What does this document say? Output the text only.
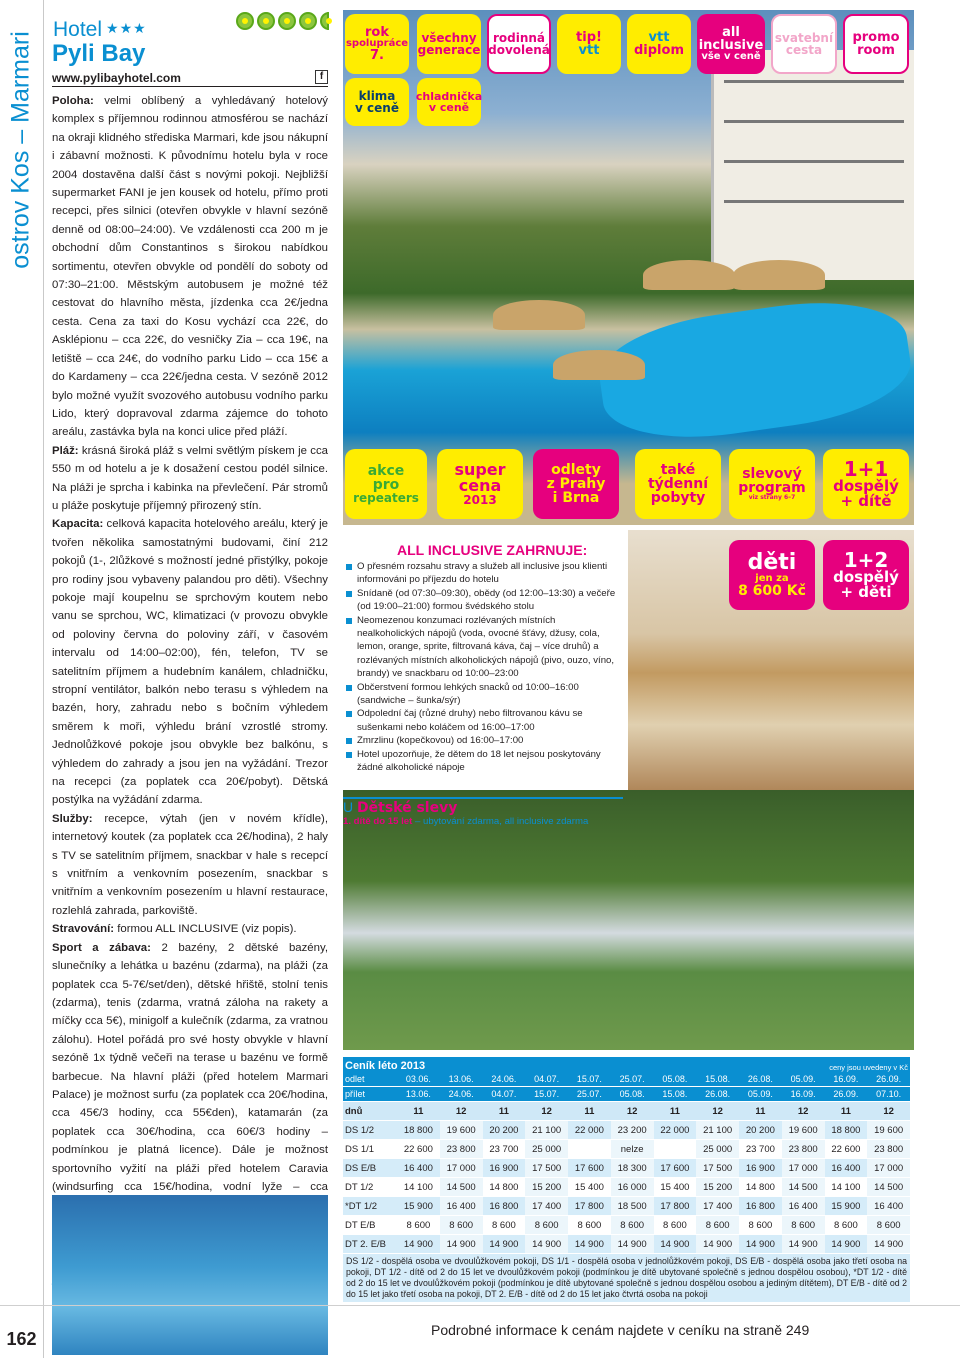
ostrov Kos – Marmari
162
Hotel ★★★
Pyli Bay
www.pylibayhotel.com	f

Poloha: velmi oblíbený a vyhledávaný hotelový komplex s příjemnou rodinnou atmosférou se nachází na okraji klidného střediska Marmari, kde jsou nákupní i zábavní možnosti. K původnímu hotelu byla v roce 2004 dostavěna další část s novými pokoji. Nejbližší supermarket FANI je jen kousek od hotelu, přímo proti recepci, přes silnici (otevřen obvykle v hlavní sezóně denně od 08:00–24:00). Ve vzdálenosti cca 200 m je obchodní dům Constantinos s širokou nabídkou sortimentu, otevřen obvykle od pondělí do soboty od 07:30–21:00. Městským autobusem je možné též cestovat do hlavního města, jízdenka cca 2€/jedna cesta. Cena za taxi do Kosu vychází cca 22€, do Asklépionu – cca 22€, do vesničky Zia – cca 19€, na letiště – cca 24€, do vodního parku Lido – cca 15€ a do Kardameny – cca 22€/jedna cesta. V sezóně 2012 bylo možné využít svozového autobusu vodního parku Lido, který dopravoval zdarma zájemce do tohoto areálu, zastávka byla na konci ulice před pláží.

Pláž: krásná široká pláž s velmi světlým pískem je cca 550 m od hotelu a je k dosažení cestou podél silnice. Na pláži je sprcha i kabinka na převlečení. Pár stromů u pláže poskytuje příjemný přirozený stín.

Kapacita: celková kapacita hotelového areálu, který je tvořen několika samostatnými budovami, činí 212 pokojů (1-, 2lůžkové s možností jedné přistýlky, pokoje pro rodiny jsou vybaveny palandou pro děti). Všechny pokoje mají koupelnu se sprchovým koutem nebo vanu se sprchou, WC, klimatizaci (v provozu obvykle od poloviny června do poloviny září, v časovém intervalu od 14:00–02:00), fén, telefon, TV se satelitním příjmem a hudebním kanálem, chladničku, stropní ventilátor, balkón nebo terasu s výhledem na bazén, hory, zahradu nebo s bočním výhledem směrem k moři, výhledu brání vzrostlé stromy. Jednolůžkové pokoje jsou obvykle bez balkónu, s výhledem do zahrady a jsou jen na vyžádání. Trezor na recepci (za poplatek cca 20€/pobyt). Dětská postýlka na vyžádání zdarma.

Služby: recepce, výtah (jen v novém křídle), internetový koutek (za poplatek cca 2€/hodina), 2 haly s TV se satelitním příjmem, snackbar v hale s recepcí s vnitřním a venkovním posezením, snackbar s vnitřním a venkovním posezením u hlavní restaurace, rozlehlá zahrada, parkoviště.

Stravování: formou ALL INCLUSIVE (viz popis).

Sport a zábava: 2 bazény, 2 dětské bazény, slunečníky a lehátka u bazénu (zdarma), na pláži (za poplatek cca 5-7€/set/den), dětské hřiště, stolní tenis (zdarma), tenis (zdarma, vratná záloha na rakety a míčky cca 5€), minigolf a kulečník (zdarma, za vratnou zálohu). Hotel pořádá pro své hosty obvykle v hlavní sezóně 1x týdně večeři na terase u bazénu ve formě barbecue. Na hlavní pláži (před hotelem Marmari Palace) je možnost surfu (za poplatek cca 20€/hodina, cca 45€/3 hodiny, cca 55€den), katamarán (za poplatek cca 30€/hodina, cca 60€/3 hodiny – podmínkou je platná licence). Dále je možnost sportovního vyžití na pláži před hotelem Caravia (windsurfing cca 15€/hodina, vodní lyže – cca

rok
spolupráce
7.
všechny
generace
rodinná
dovolená
tip!
vtt
vtt
diplom
all
inclusive
vše v ceně
svatební
cesta
promo
room
klima
v ceně
chladnička
v ceně
akce
pro
repeaters
super
cena
2013
odlety
z Prahy
i Brna
také
týdenní
pobyty
slevový
program
viz strany 6–7
1+1
dospělý
+ dítě
děti
jen za
8 600 Kč
1+2
dospělý
+ děti
ALL INCLUSIVE ZAHRNUJE:
O přesném rozsahu stravy a služeb all inclusive jsou klienti informováni po příjezdu do hotelu
Snídaně (od 07:30–09:30), obědy (od 12:00–13:30) a večeře (od 19:00–21:00) formou švédského stolu
Neomezenou konzumaci rozlévaných místních nealkoholických nápojů (voda, ovocné šťávy, džusy, cola, lemon, orange, sprite, filtrovaná káva, čaj – více druhů) a rozlévaných místních alkoholických nápojů (pivo, ouzo, víno, brandy) ve snackbaru od 10:00–23:00
Občerstvení formou lehkých snacků od 10:00–16:00 (sandwiche – šunka/sýr)
Odpolední čaj (různé druhy) nebo filtrovanou kávu se sušenkami nebo koláčem od 16:00–17:00
Zmrzlinu (kopečkovou) od 16:00–17:00
Hotel upozorňuje, že dětem do 18 let nejsou poskytovány žádné alkoholické nápoje
U Dětské slevy
1. dítě do 15 let – ubytování zdarma, all inclusive zdarma
Ceník léto 2013	ceny jsou uvedeny v Kč
odlet	03.06.	13.06.	24.06.	04.07.	15.07.	25.07.	05.08.	15.08.	26.08.	05.09.	16.09.	26.09.
přílet	13.06.	24.06.	04.07.	15.07.	25.07.	05.08.	15.08.	26.08.	05.09.	16.09.	26.09.	07.10.
dnů	11	12	11	12	11	12	11	12	11	12	11	12
DS 1/2	18 800	19 600	20 200	21 100	22 000	23 200	22 000	21 100	20 200	19 600	18 800	19 600
DS 1/1	22 600	23 800	23 700	25 000		nelze		25 000	23 700	23 800	22 600	23 800
DS E/B	16 400	17 000	16 900	17 500	17 600	18 300	17 600	17 500	16 900	17 000	16 400	17 000
DT 1/2	14 100	14 500	14 800	15 200	15 400	16 000	15 400	15 200	14 800	14 500	14 100	14 500
*DT 1/2	15 900	16 400	16 800	17 400	17 800	18 500	17 800	17 400	16 800	16 400	15 900	16 400
DT E/B	8 600	8 600	8 600	8 600	8 600	8 600	8 600	8 600	8 600	8 600	8 600	8 600
DT 2. E/B	14 900	14 900	14 900	14 900	14 900	14 900	14 900	14 900	14 900	14 900	14 900	14 900
DS 1/2 - dospělá osoba ve dvoulůžkovém pokoji, DS 1/1 - dospělá osoba v jednolůžkovém pokoji, DS E/B - dospělá osoba jako třetí osoba na pokoji, DT 1/2 - dítě od 2 do 15 let ve dvoulůžkovém pokoji (podmínkou je dítě ubytované společně s jednou dospělou osobou), *DT 1/2 - dítě od 2 do 15 let ve dvoulůžkovém pokoji (podmínkou je dítě ubytované společně s jednou dospělou osobou a jediným dítětem), DT E/B - dítě od 2 do 15 let jako třetí osoba na pokoji, DT 2. E/B - dítě od 2 do 15 let jako čtvrtá osoba na pokoji
Podrobné informace k cenám najdete v ceníku na straně 249
